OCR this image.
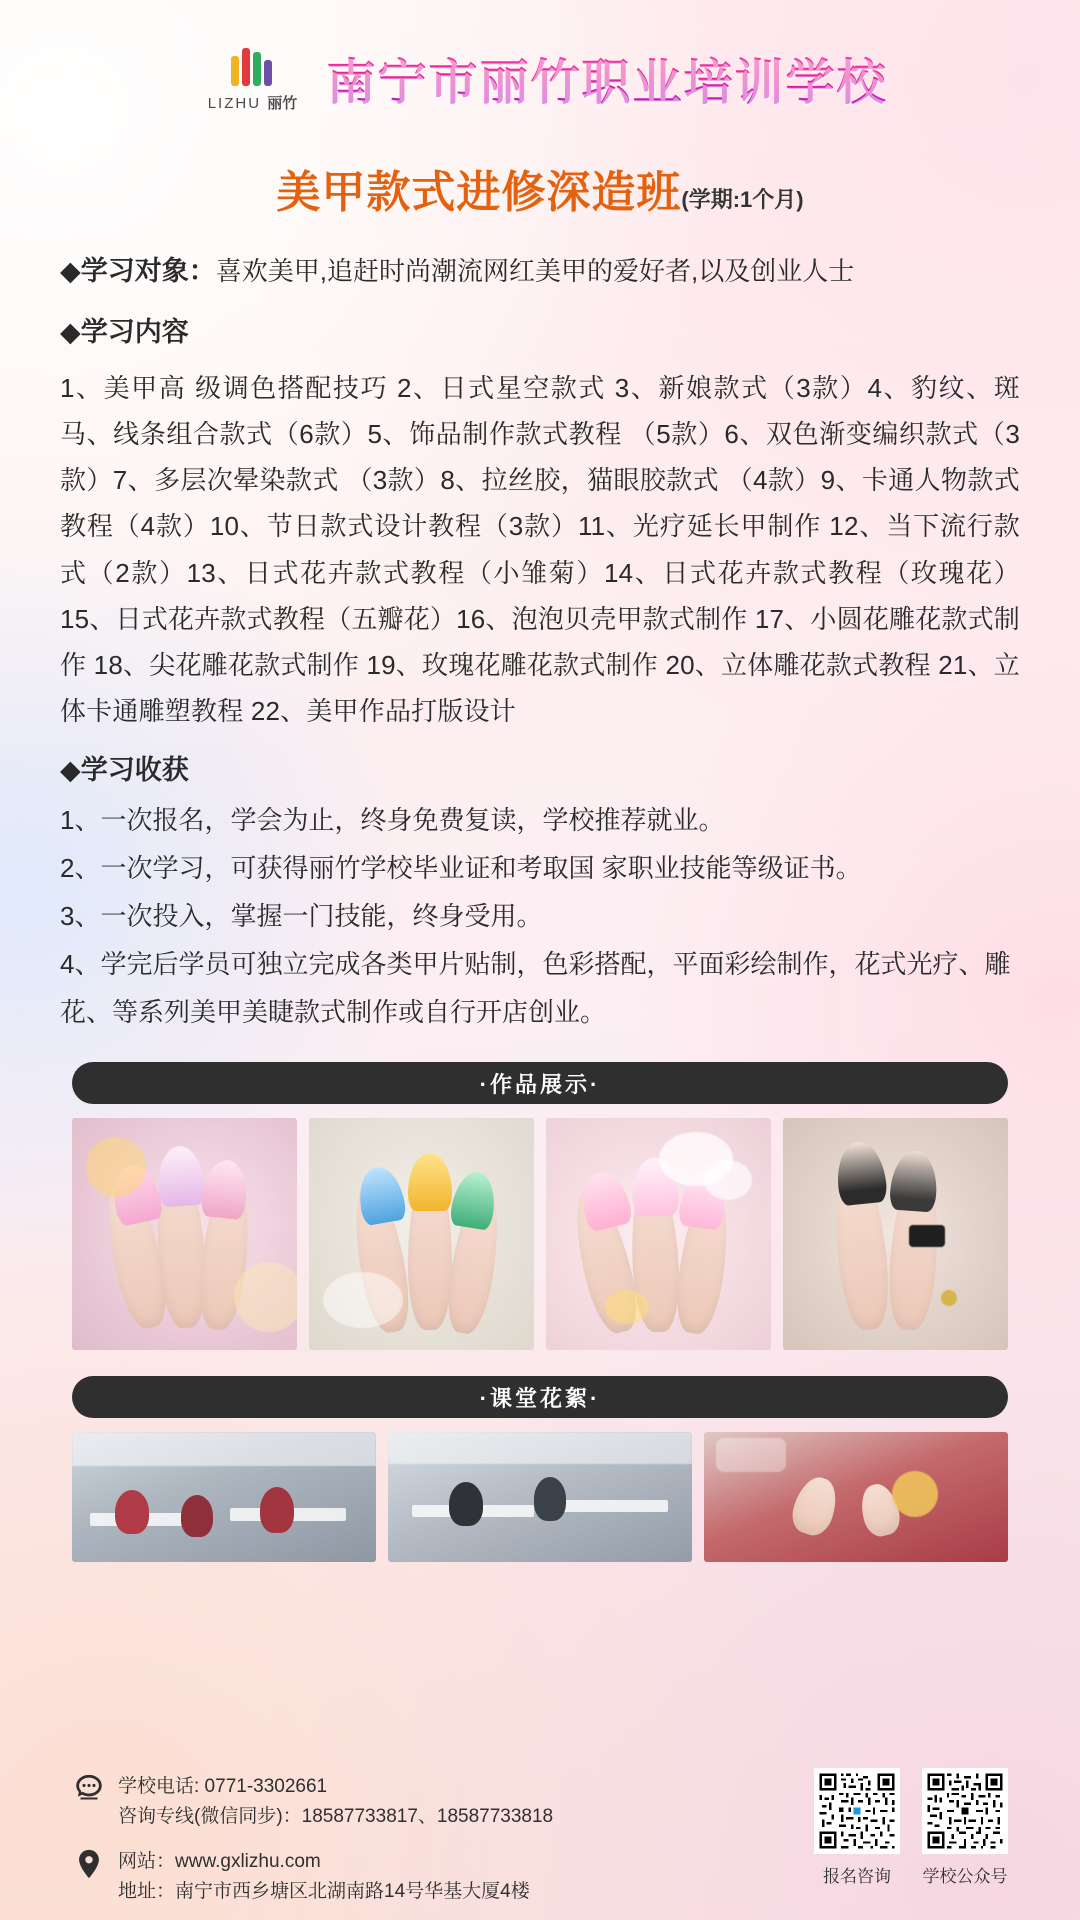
LIZHU 丽竹 南宁市丽竹职业培训学校
美甲款式进修深造班(学期:1个月)
◆学习对象：喜欢美甲,追赶时尚潮流网红美甲的爱好者,以及创业人士
◆学习内容
1、美甲高 级调色搭配技巧 2、日式星空款式 3、新娘款式（3款）4、豹纹、斑马、线条组合款式（6款）5、饰品制作款式教程 （5款）6、双色渐变编织款式（3款）7、多层次晕染款式 （3款）8、拉丝胶，猫眼胶款式 （4款）9、卡通人物款式教程（4款）10、节日款式设计教程（3款）11、光疗延长甲制作 12、当下流行款式（2款）13、日式花卉款式教程（小雏菊）14、日式花卉款式教程（玫瑰花）15、日式花卉款式教程（五瓣花）16、泡泡贝壳甲款式制作 17、小圆花雕花款式制作 18、尖花雕花款式制作 19、玫瑰花雕花款式制作 20、立体雕花款式教程 21、立体卡通雕塑教程 22、美甲作品打版设计
◆学习收获
1、一次报名，学会为止，终身免费复读，学校推荐就业。
2、一次学习，可获得丽竹学校毕业证和考取国 家职业技能等级证书。
3、一次投入，掌握一门技能，终身受用。
4、学完后学员可独立完成各类甲片贴制，色彩搭配，平面彩绘制作，花式光疗、雕花、等系列美甲美睫款式制作或自行开店创业。
·作品展示·
·课堂花絮·
学校电话: 0771-3302661
咨询专线(微信同步)：18587733817、18587733818
网站：www.gxlizhu.com
地址：南宁市西乡塘区北湖南路14号华基大厦4楼
报名咨询	学校公众号
